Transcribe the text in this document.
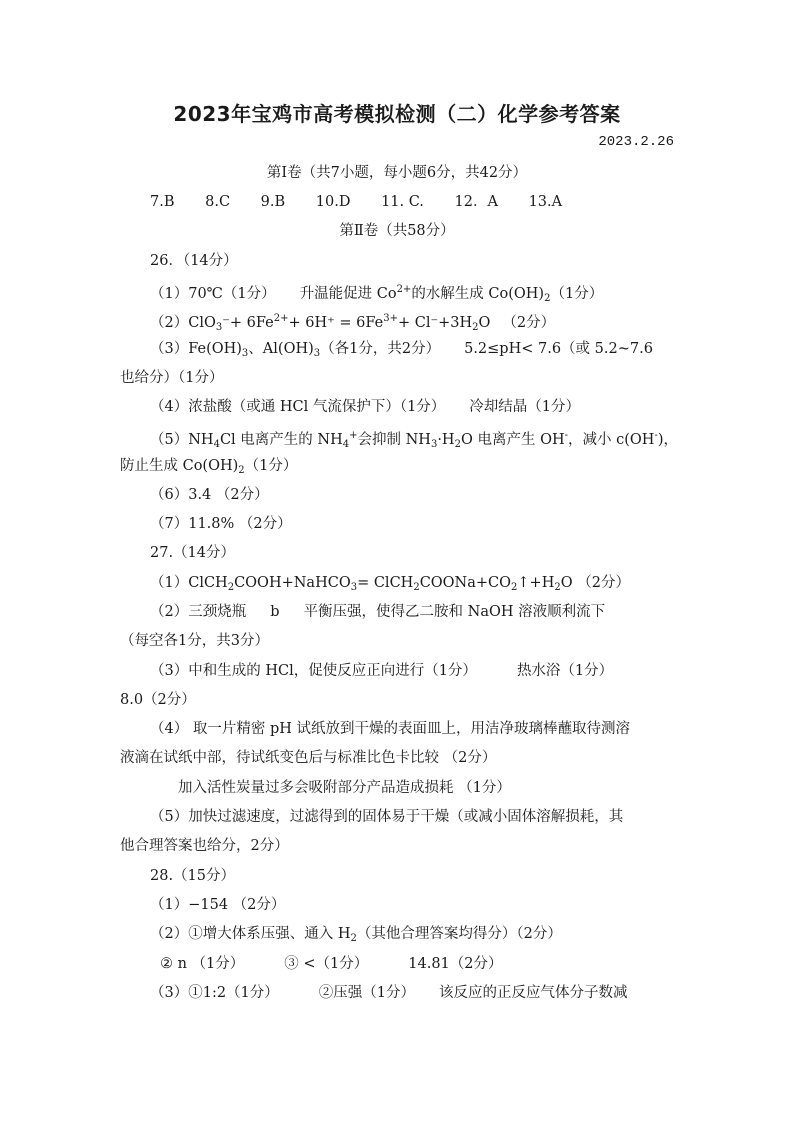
2023年宝鸡市高考模拟检测（二）化学参考答案
2023.2.26
第Ⅰ卷（共7小题，每小题6分，共42分）
7.B 8.C 9.B 10.D 11. C. 12．A 13.A
第Ⅱ卷（共58分）
26．（14分）
（1）70℃（1分） 升温能促进 $Co^{2+}$的水解生成 $Co(OH)_2(1$分）
$(2)ClO_3^-+ 6Fe^{2+}+ 6H^+ = 6Fe^{3+}+ Cl^-+3H_2O$ （2分）
$(3)Fe(OH)_3$、$Al(OH)_3$（各1分，共2分） 5.2≤pH< 7.6（或 5.2~7.6
也给分）（1分）
（4）浓盐酸（或通 HCl 气流保护下）（1分） 冷却结晶（1分）
$(5)NH_4Cl$ 电离产生的 $NH_4^+$会抑制 $NH_3\cdot H_2O$ 电离产生 OH-，减小 c(OH-)，
防止生成 $Co(OH)_2(1$分）
（6）3.4 （2分）
（7）11.8% （2分）
27.（14分）
（1）ClCH$_2$COOH+NaHCO$_3$= $ClCH_2COONa+CO_2↑+H_2O$ （2分）
（2）三颈烧瓶 b 平衡压强，使得乙二胺和 NaOH 溶液顺利流下
（每空各1分，共3分）
（3）中和生成的 HCl，促使反应正向进行（1分）	热水浴（1分）
8.0（2分）
（4） 取一片精密 pH 试纸放到干燥的表面皿上，用洁净玻璃棒蘸取待测溶
液滴在试纸中部，待试纸变色后与标准比色卡比较 （2分）
加入活性炭量过多会吸附部分产品造成损耗 （1分）
（5）加快过滤速度，过滤得到的固体易于干燥（或减小固体溶解损耗，其
他合理答案也给分，2分）
28.（15分）
（1）−154 （2分）
（2）①增大体系压强、通入 $H_2$（其他合理答案均得分）（2分）
② n （1分）	③ <（1分）	14.81（2分）
（3）①1:2（1分）	②压强（1分） 该反应的正反应气体分子数减
